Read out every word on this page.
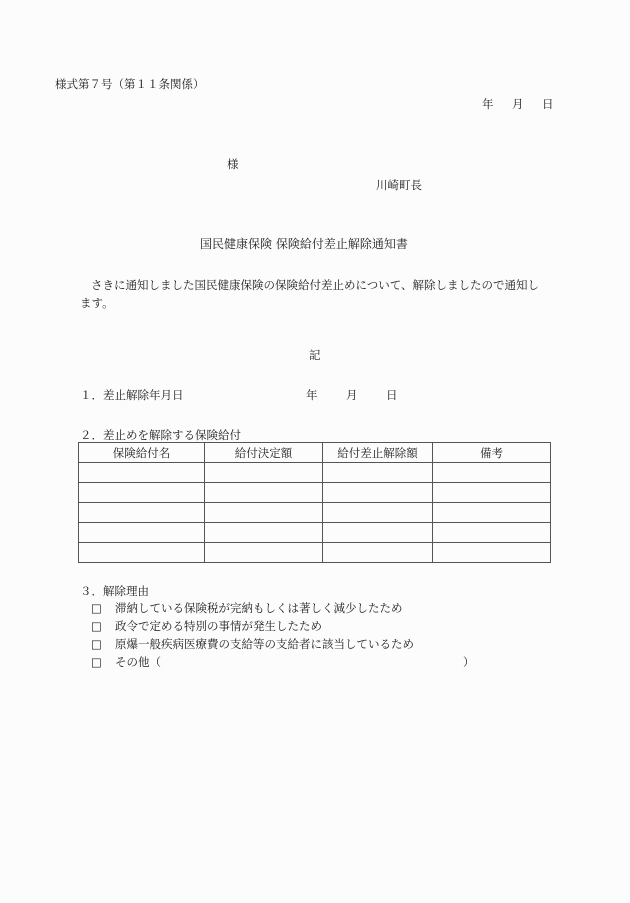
様式第７号（第１１条関係）
年 月 日
様
川崎町長
国民健康保険 保険給付差止解除通知書
さきに通知しました国民健康保険の保険給付差止めについて、解除しましたので通知します。
記
１．差止解除年月日	年 月 日
２．差止めを解除する保険給付
保険給付名	給付決定額	給付差止解除額	備考

３．解除理由
□ 滞納している保険税が完納もしくは著しく減少したため
□ 政令で定める特別の事情が発生したため
□ 原爆一般疾病医療費の支給等の支給者に該当しているため
□ その他（	）
